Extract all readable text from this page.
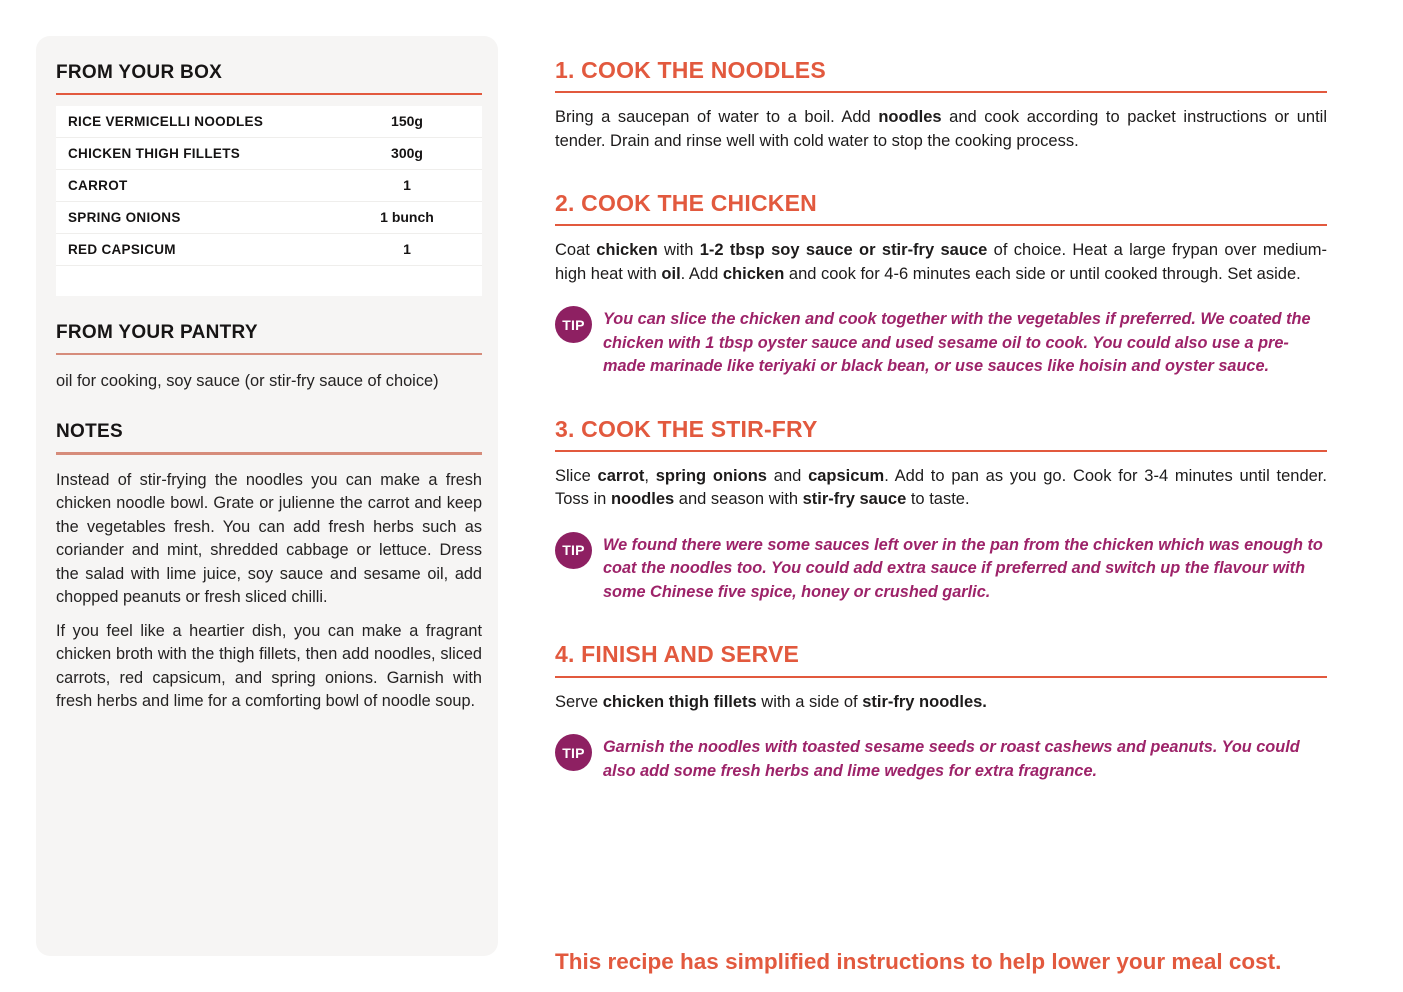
FROM YOUR BOX
RICE VERMICELLI NOODLES	150g
CHICKEN THIGH FILLETS	300g
CARROT	1
SPRING ONIONS	1 bunch
RED CAPSICUM	1
FROM YOUR PANTRY

oil for cooking, soy sauce (or stir-fry sauce of choice)

NOTES

Instead of stir-frying the noodles you can make a fresh chicken noodle bowl. Grate or julienne the carrot and keep the vegetables fresh. You can add fresh herbs such as coriander and mint, shredded cabbage or lettuce. Dress the salad with lime juice, soy sauce and sesame oil, add chopped peanuts or fresh sliced chilli.

If you feel like a heartier dish, you can make a fragrant chicken broth with the thigh fillets, then add noodles, sliced carrots, red capsicum, and spring onions. Garnish with fresh herbs and lime for a comforting bowl of noodle soup.

1. COOK THE NOODLES

Bring a saucepan of water to a boil. Add noodles and cook according to packet instructions or until tender. Drain and rinse well with cold water to stop the cooking process.

2. COOK THE CHICKEN

Coat chicken with 1-2 tbsp soy sauce or stir-fry sauce of choice. Heat a large frypan over medium-high heat with oil. Add chicken and cook for 4-6 minutes each side or until cooked through. Set aside.

TIP	You can slice the chicken and cook together with the vegetables if preferred. We coated the chicken with 1 tbsp oyster sauce and used sesame oil to cook. You could also use a pre-made marinade like teriyaki or black bean, or use sauces like hoisin and oyster sauce.

3. COOK THE STIR-FRY

Slice carrot, spring onions and capsicum. Add to pan as you go. Cook for 3-4 minutes until tender. Toss in noodles and season with stir-fry sauce to taste.

TIP	We found there were some sauces left over in the pan from the chicken which was enough to coat the noodles too. You could add extra sauce if preferred and switch up the flavour with some Chinese five spice, honey or crushed garlic.

4. FINISH AND SERVE

Serve chicken thigh fillets with a side of stir-fry noodles.

TIP	Garnish the noodles with toasted sesame seeds or roast cashews and peanuts. You could also add some fresh herbs and lime wedges for extra fragrance.

This recipe has simplified instructions to help lower your meal cost.
